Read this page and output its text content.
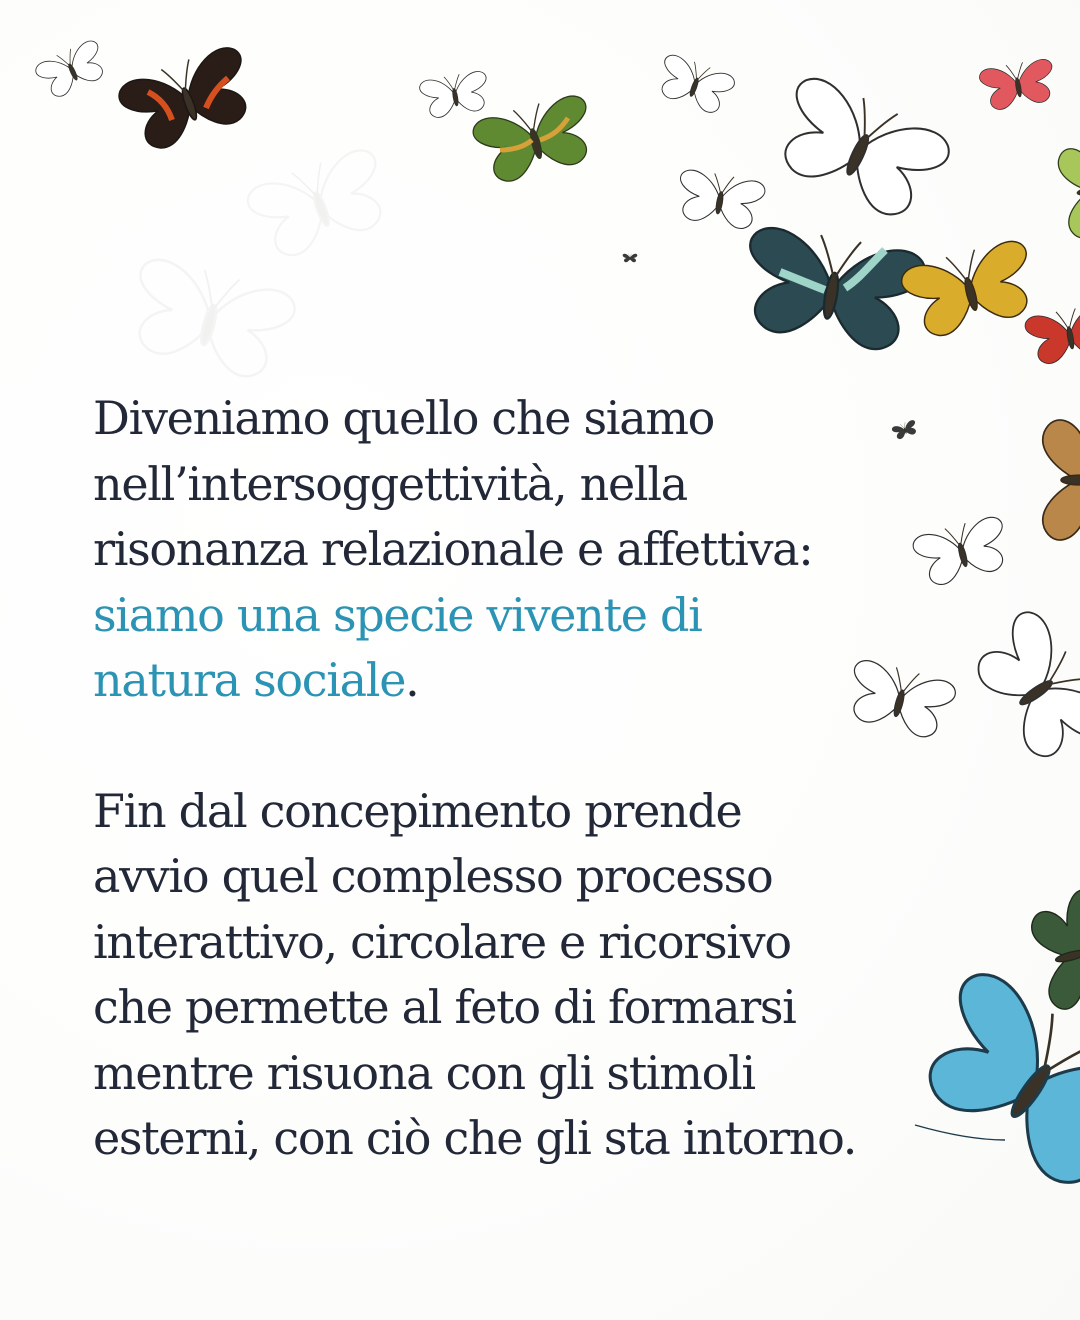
Diveniamo quello che siamo
nell’intersoggettività, nella
risonanza relazionale e affettiva:
siamo una specie vivente di
natura sociale.

Fin dal concepimento prende
avvio quel complesso processo
interattivo, circolare e ricorsivo
che permette al feto di formarsi
mentre risuona con gli stimoli
esterni, con ciò che gli sta intorno.
